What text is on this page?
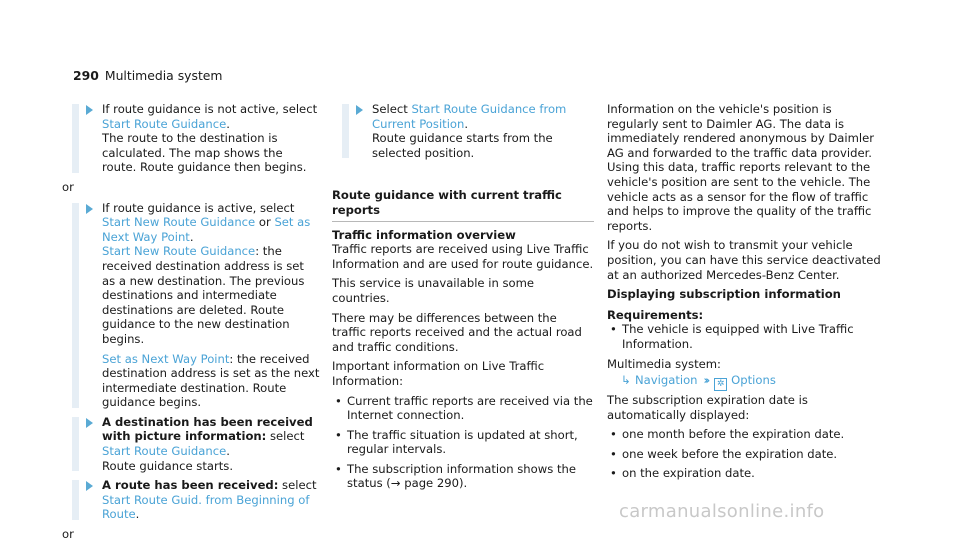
290 Multimedia system

If route guidance is not active, select Start Route Guidance.
The route to the destination is calculated. The map shows the route. Route guidance then begins.

or

If route guidance is active, select Start New Route Guidance or Set as Next Way Point.
Start New Route Guidance: the received destination address is set as a new destination. The previous destinations and intermediate destinations are deleted. Route guidance to the new destination begins.

Set as Next Way Point: the received destination address is set as the next intermediate destination. Route guidance begins.

A destination has been received with picture information: select Start Route Guidance.
Route guidance starts.

A route has been received: select Start Route Guid. from Beginning of Route.

or

Select Start Route Guidance from Current Position.
Route guidance starts from the selected position.

Route guidance with current traffic reports

Traffic information overview

Traffic reports are received using Live Traffic Information and are used for route guidance.

This service is unavailable in some countries.

There may be differences between the traffic reports received and the actual road and traffic conditions.

Important information on Live Traffic Information:

• Current traffic reports are received via the Internet connection.
• The traffic situation is updated at short, regular intervals.
• The subscription information shows the status (→ page 290).

Information on the vehicle's position is regularly sent to Daimler AG. The data is immediately rendered anonymous by Daimler AG and forwarded to the traffic data provider. Using this data, traffic reports relevant to the vehicle's position are sent to the vehicle. The vehicle acts as a sensor for the flow of traffic and helps to improve the quality of the traffic reports.

If you do not wish to transmit your vehicle position, you can have this service deactivated at an authorized Mercedes-Benz Center.

Displaying subscription information

Requirements:

• The vehicle is equipped with Live Traffic Information.

Multimedia system:

↳ Navigation ›› ✲ Options

The subscription expiration date is automatically displayed:

• one month before the expiration date.
• one week before the expiration date.
• on the expiration date.
carmanualsonline.info
